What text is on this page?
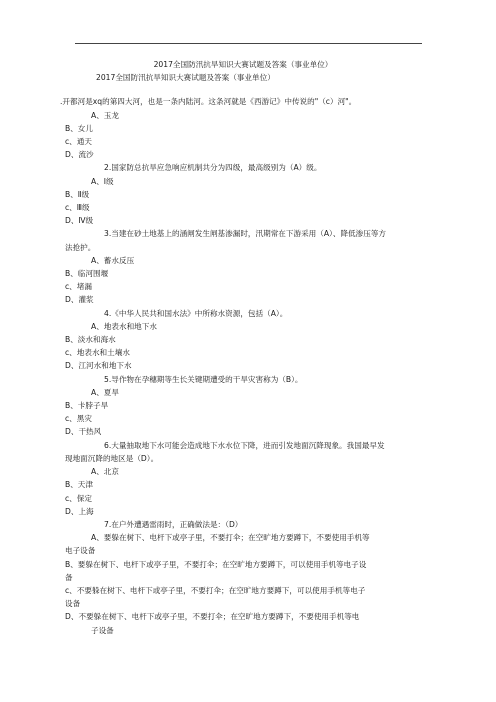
2017全国防汛抗旱知识大赛试题及答案（事业单位）
2017全国防汛抗旱知识大赛试题及答案（事业单位）
.开都河是xq的第四大河，也是一条内陆河。这条河就是《西游记》中传说的"（c）河"。
A、玉龙
B、女儿
c、通天
D、流沙
2.国家防总抗旱应急响应机制共分为四级，最高级别为（A）级。
A、Ⅰ级
B、Ⅱ级
c、Ⅲ级
D、Ⅳ级
3.当建在砂土地基上的涵闸发生闸基渗漏时，汛期常在下游采用（A）、降低渗压等方
法抢护。
A、蓄水反压
B、临河围堰
c、堵漏
D、灌浆
4.《中华人民共和国水法》中所称水资源，包括（A）。
A、地表水和地下水
B、淡水和海水
c、地表水和土壤水
D、江河水和地下水
5.导作物在孕穗期等生长关键期遭受的干旱灾害称为（B）。
A、夏旱
B、卡脖子旱
c、黑灾
D、干热风
6.大量抽取地下水可能会造成地下水水位下降，进而引发地面沉降现象。我国最早发
现地面沉降的地区是（D）。
A、北京
B、天津
c、保定
D、上海
7.在户外遭遇雷雨时，正确做法是：（D）
A、要躲在树下、电杆下或亭子里，不要打伞；在空旷地方要蹲下，不要使用手机等
电子设备
B、要躲在树下、电杆下或亭子里，不要打伞；在空旷地方要蹲下，可以使用手机等电子设
备
c、不要躲在树下、电杆下或亭子里，不要打伞；在空旷地方要蹲下，可以使用手机等电子
设备
D、不要躲在树下、电杆下或亭子里，不要打伞；在空旷地方要蹲下，不要使用手机等电
子设备
